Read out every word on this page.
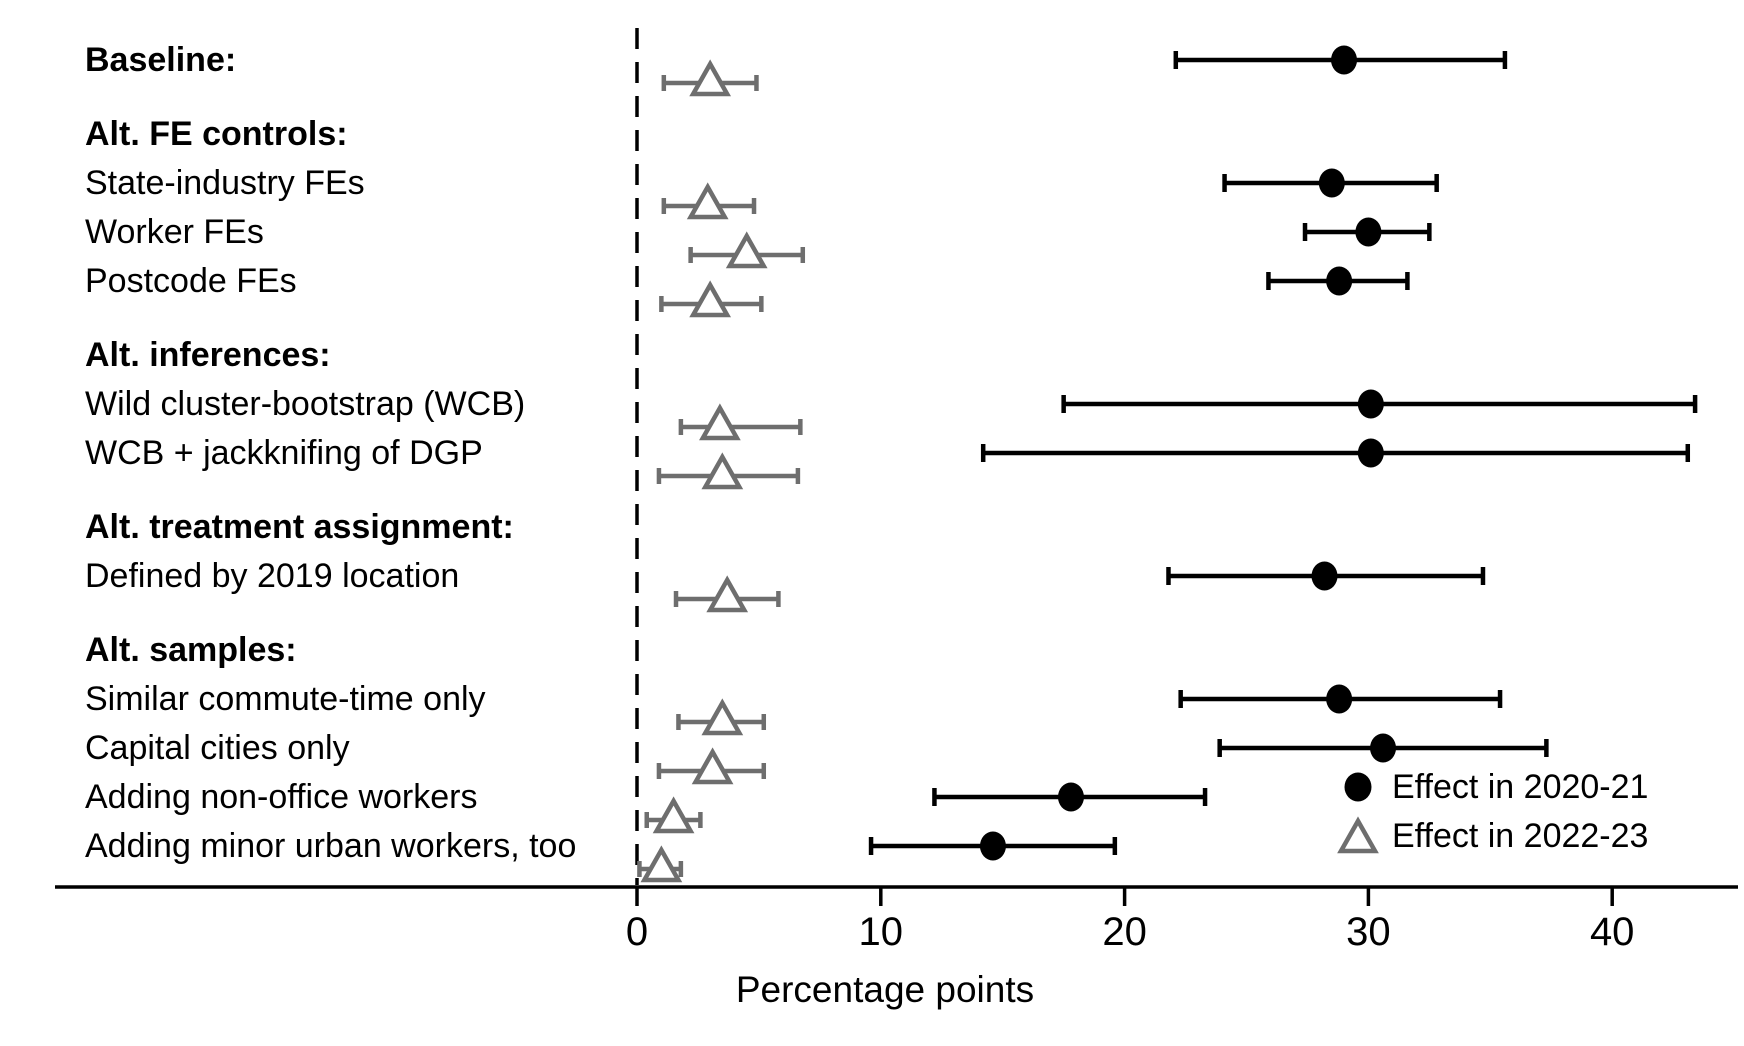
Baseline:
Alt. FE controls:
State-industry FEs
Worker FEs
Postcode FEs
Alt. inferences:
Wild cluster-bootstrap (WCB)
WCB + jackknifing of DGP
Alt. treatment assignment:
Defined by 2019 location
Alt. samples:
Similar commute-time only
Capital cities only
Adding non-office workers
Adding minor urban workers, too
0	10	20	30	40
Percentage points
Effect in 2020-21
Effect in 2022-23
